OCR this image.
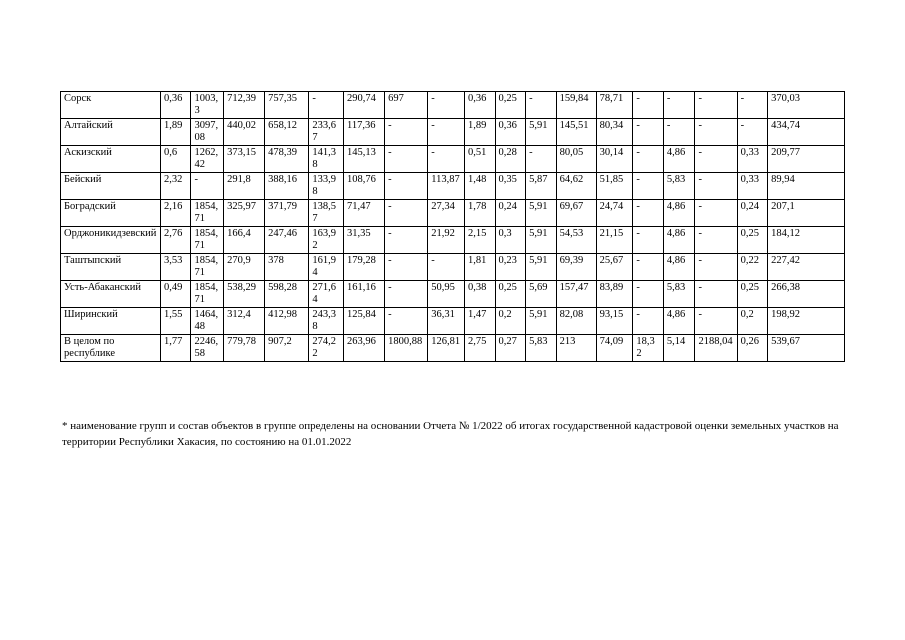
Сорск	0,36	1003,3	712,39	757,35	-	290,74	697	-	0,36	0,25	-	159,84	78,71	-	-	-	-	370,03
Алтайский	1,89	3097,08	440,02	658,12	233,67	117,36	-	-	1,89	0,36	5,91	145,51	80,34	-	-	-	-	434,74
Аскизский	0,6	1262,42	373,15	478,39	141,38	145,13	-	-	0,51	0,28	-	80,05	30,14	-	4,86	-	0,33	209,77
Бейский	2,32	-	291,8	388,16	133,98	108,76	-	113,87	1,48	0,35	5,87	64,62	51,85	-	5,83	-	0,33	89,94
Боградский	2,16	1854,71	325,97	371,79	138,57	71,47	-	27,34	1,78	0,24	5,91	69,67	24,74	-	4,86	-	0,24	207,1
Орджоникидзевский	2,76	1854,71	166,4	247,46	163,92	31,35	-	21,92	2,15	0,3	5,91	54,53	21,15	-	4,86	-	0,25	184,12
Таштыпский	3,53	1854,71	270,9	378	161,94	179,28	-	-	1,81	0,23	5,91	69,39	25,67	-	4,86	-	0,22	227,42
Усть-Абаканский	0,49	1854,71	538,29	598,28	271,64	161,16	-	50,95	0,38	0,25	5,69	157,47	83,89	-	5,83	-	0,25	266,38
Ширинский	1,55	1464,48	312,4	412,98	243,38	125,84	-	36,31	1,47	0,2	5,91	82,08	93,15	-	4,86	-	0,2	198,92
В целом по республике	1,77	2246,58	779,78	907,2	274,22	263,96	1800,88	126,81	2,75	0,27	5,83	213	74,09	18,32	5,14	2188,04	0,26	539,67
* наименование групп и состав объектов в группе определены на основании Отчета № 1/2022 об итогах государственной кадастровой оценки земельных участков на территории Республики Хакасия, по состоянию на 01.01.2022
